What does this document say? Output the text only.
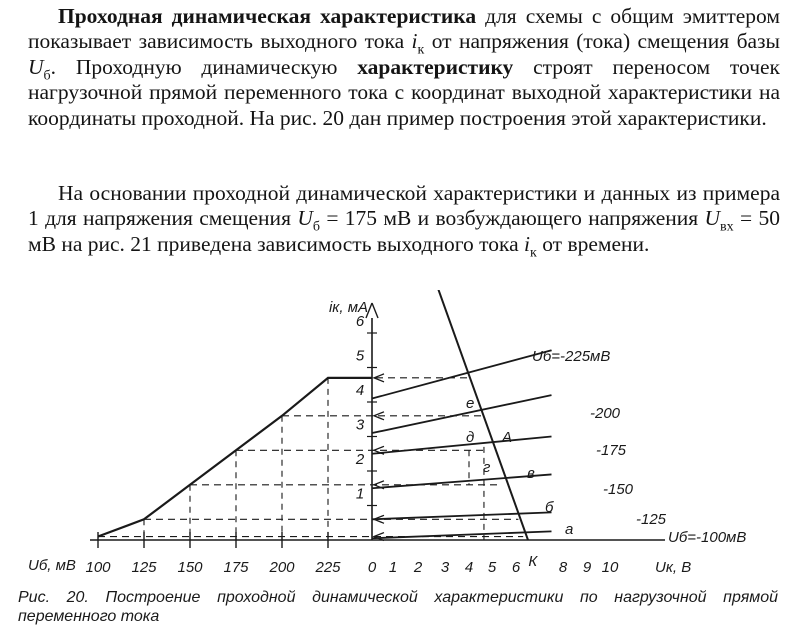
Проходная динамическая характеристика для схемы с общим эмиттером показывает зависимость выходного тока $i_к$ от напряжения (тока) смещения базы $U_б$. Проходную динамическую характеристику строят переносом точек нагрузочной прямой переменного тока с координат выходной характеристики на координаты проходной. На рис. 20 дан пример построения этой характеристики.

На основании проходной динамической характеристики и данных из примера 1 для напряжения смещения $U_б = 175$ мВ и возбуждающего напряжения $U_{вх} = 50$ мВ на рис. 21 приведена зависимость выходного тока $i_к$ от времени.

1
2
3
4
5
6
iк, мА
Uб, мВ 100 125 150 175 200 225 0 1 2 3 4 5 6	8 9 10
К	Uк, В
Uб=-225мВ
-200
-175
-150
-125
Uб=-100мВ
е
д А
г в
б
а

Рис. 20. Построение проходной динамической характеристики по нагрузочной прямой переменного тока
